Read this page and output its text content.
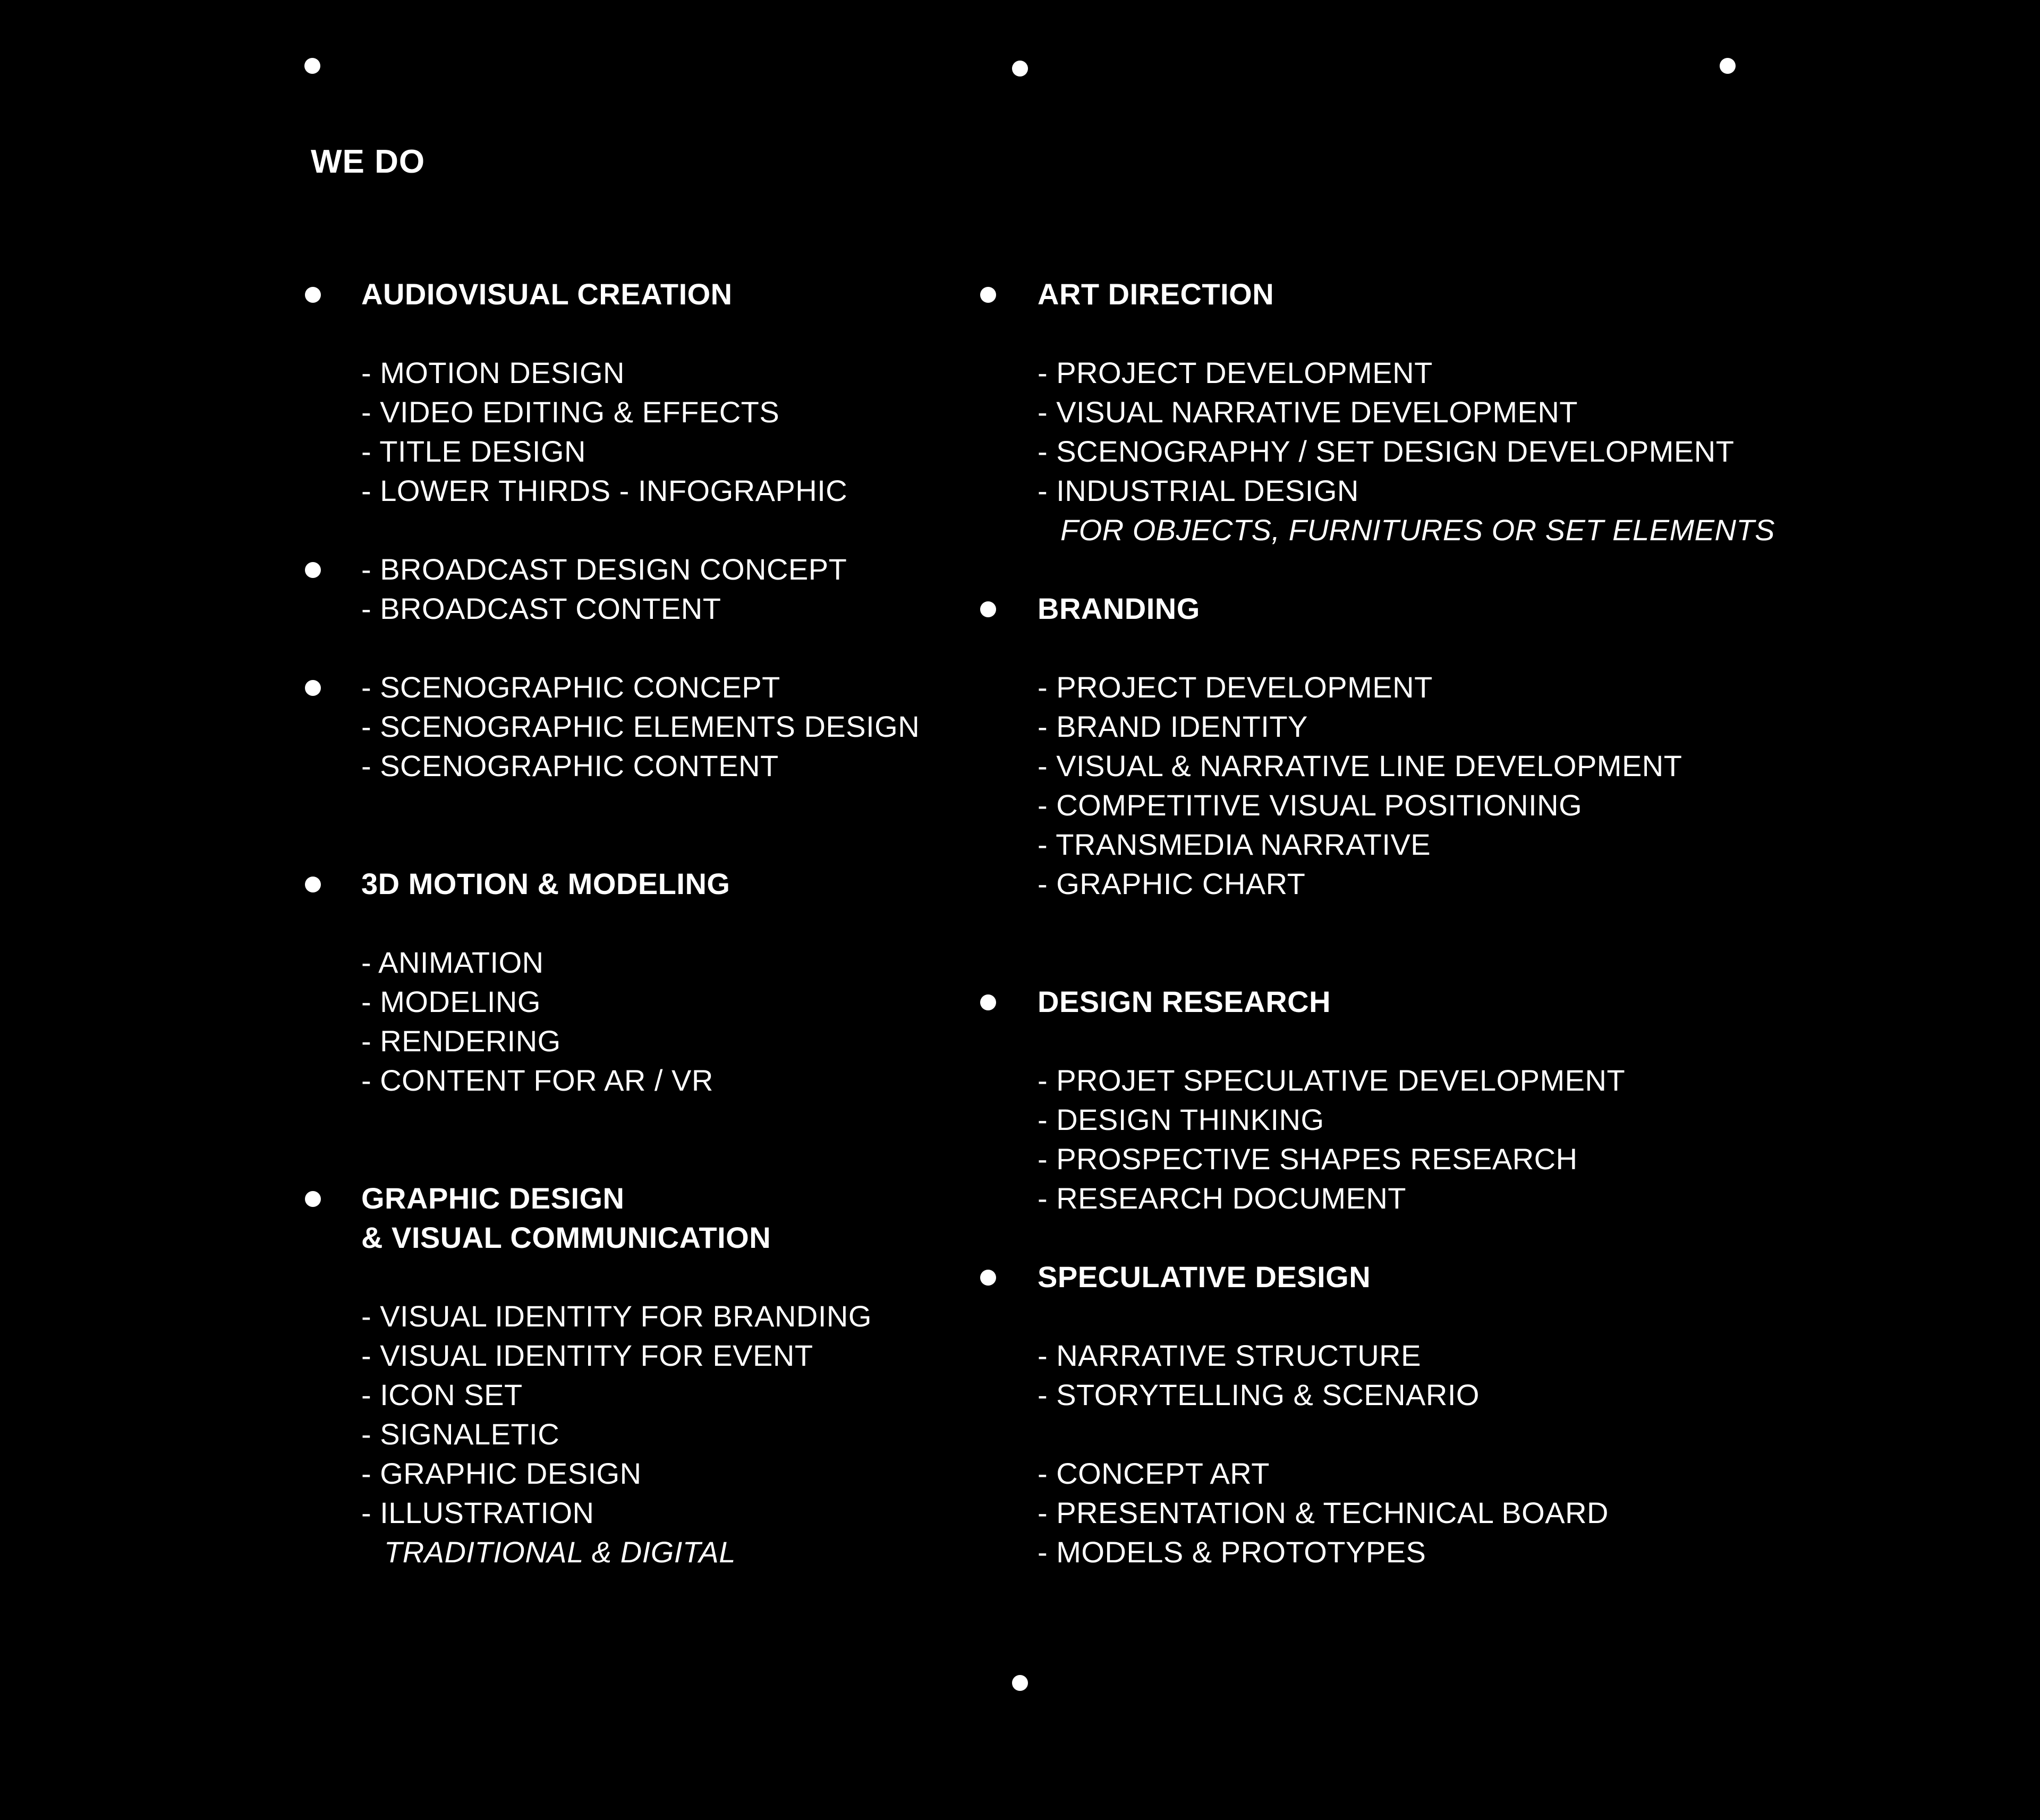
WE DO
AUDIOVISUAL CREATION
- MOTION DESIGN
- VIDEO EDITING & EFFECTS
- TITLE DESIGN
- LOWER THIRDS - INFOGRAPHIC
- BROADCAST DESIGN CONCEPT
- BROADCAST CONTENT
- SCENOGRAPHIC CONCEPT
- SCENOGRAPHIC ELEMENTS DESIGN
- SCENOGRAPHIC CONTENT
3D MOTION & MODELING
- ANIMATION
- MODELING
- RENDERING
- CONTENT FOR AR / VR
GRAPHIC DESIGN
& VISUAL COMMUNICATION
- VISUAL IDENTITY FOR BRANDING
- VISUAL IDENTITY FOR EVENT
- ICON SET
- SIGNALETIC
- GRAPHIC DESIGN
- ILLUSTRATION
TRADITIONAL & DIGITAL
ART DIRECTION
- PROJECT DEVELOPMENT
- VISUAL NARRATIVE DEVELOPMENT
- SCENOGRAPHY / SET DESIGN DEVELOPMENT
- INDUSTRIAL DESIGN
FOR OBJECTS, FURNITURES OR SET ELEMENTS
BRANDING
- PROJECT DEVELOPMENT
- BRAND IDENTITY
- VISUAL & NARRATIVE LINE DEVELOPMENT
- COMPETITIVE VISUAL POSITIONING
- TRANSMEDIA NARRATIVE
- GRAPHIC CHART
DESIGN RESEARCH
- PROJET SPECULATIVE DEVELOPMENT
- DESIGN THINKING
- PROSPECTIVE SHAPES RESEARCH
- RESEARCH DOCUMENT
SPECULATIVE DESIGN
- NARRATIVE STRUCTURE
- STORYTELLING & SCENARIO
- CONCEPT ART
- PRESENTATION & TECHNICAL BOARD
- MODELS & PROTOTYPES
